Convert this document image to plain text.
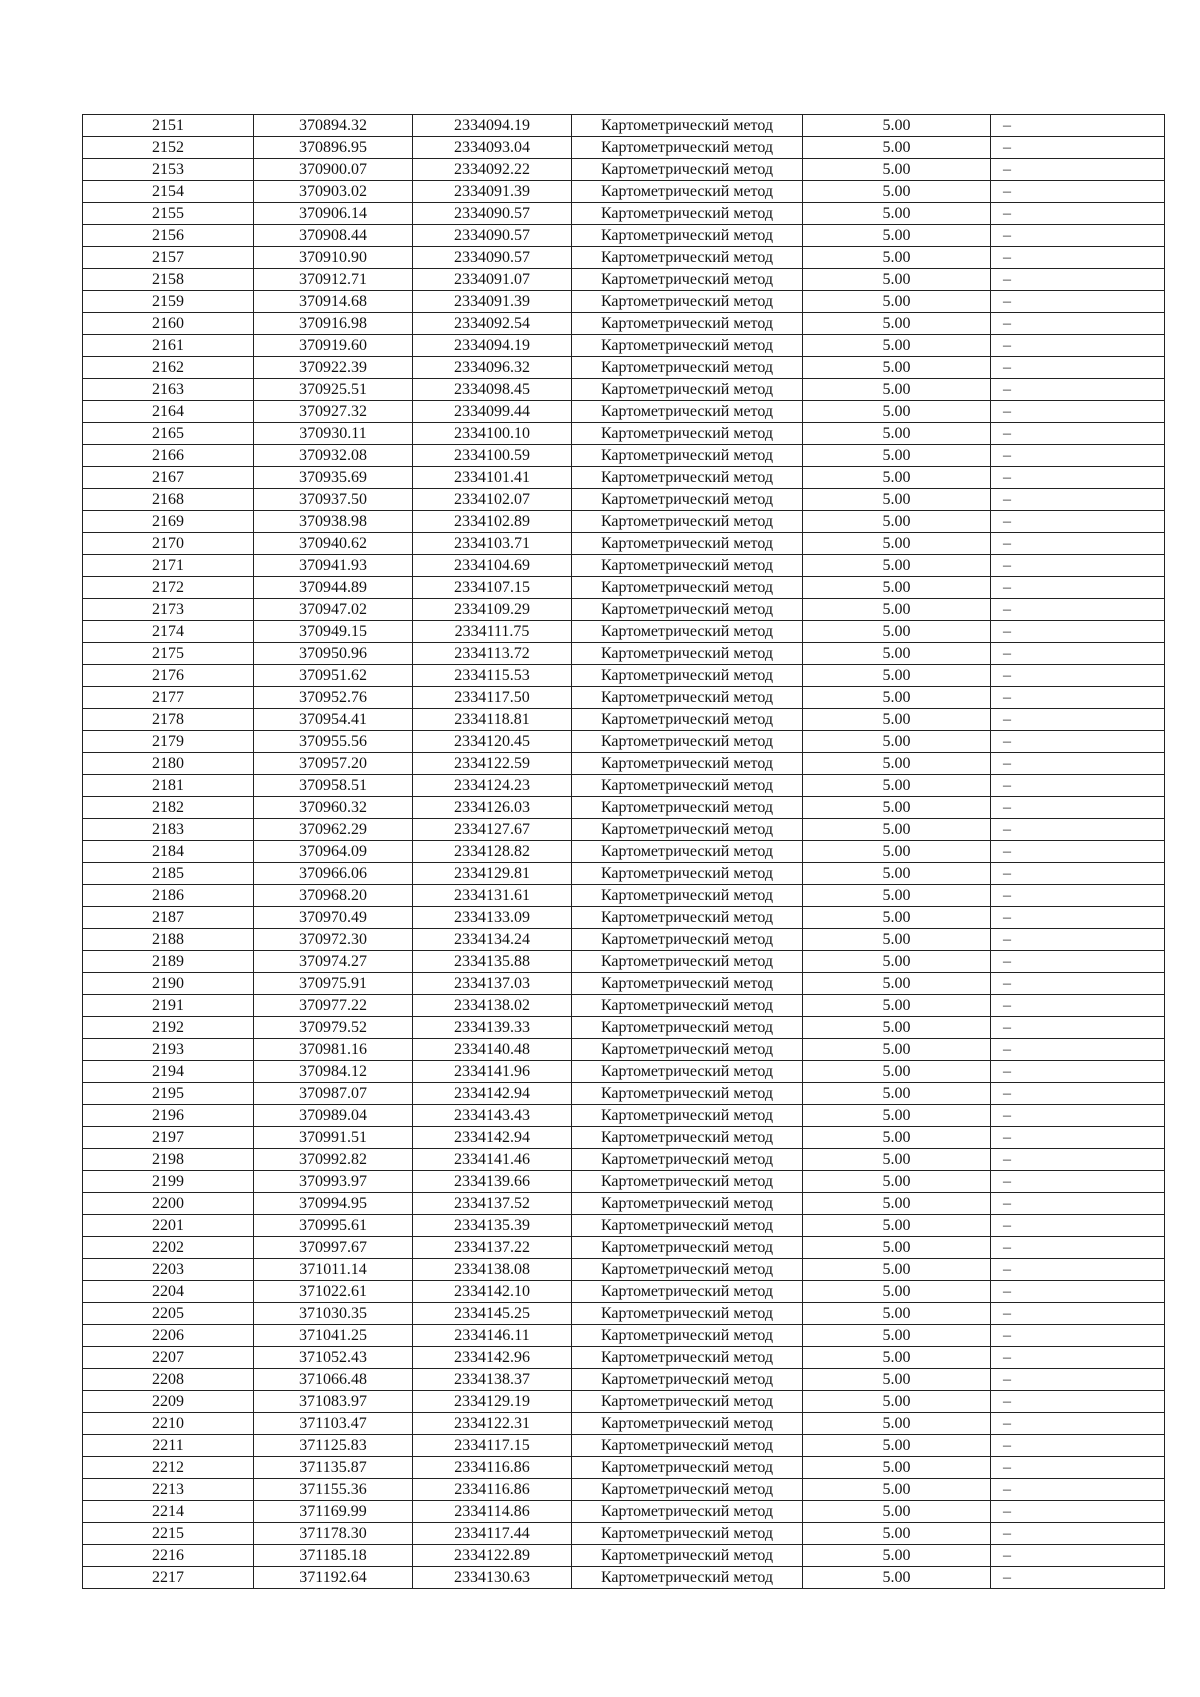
2151	370894.32	2334094.19	Картометрический метод	5.00	–
2152	370896.95	2334093.04	Картометрический метод	5.00	–
2153	370900.07	2334092.22	Картометрический метод	5.00	–
2154	370903.02	2334091.39	Картометрический метод	5.00	–
2155	370906.14	2334090.57	Картометрический метод	5.00	–
2156	370908.44	2334090.57	Картометрический метод	5.00	–
2157	370910.90	2334090.57	Картометрический метод	5.00	–
2158	370912.71	2334091.07	Картометрический метод	5.00	–
2159	370914.68	2334091.39	Картометрический метод	5.00	–
2160	370916.98	2334092.54	Картометрический метод	5.00	–
2161	370919.60	2334094.19	Картометрический метод	5.00	–
2162	370922.39	2334096.32	Картометрический метод	5.00	–
2163	370925.51	2334098.45	Картометрический метод	5.00	–
2164	370927.32	2334099.44	Картометрический метод	5.00	–
2165	370930.11	2334100.10	Картометрический метод	5.00	–
2166	370932.08	2334100.59	Картометрический метод	5.00	–
2167	370935.69	2334101.41	Картометрический метод	5.00	–
2168	370937.50	2334102.07	Картометрический метод	5.00	–
2169	370938.98	2334102.89	Картометрический метод	5.00	–
2170	370940.62	2334103.71	Картометрический метод	5.00	–
2171	370941.93	2334104.69	Картометрический метод	5.00	–
2172	370944.89	2334107.15	Картометрический метод	5.00	–
2173	370947.02	2334109.29	Картометрический метод	5.00	–
2174	370949.15	2334111.75	Картометрический метод	5.00	–
2175	370950.96	2334113.72	Картометрический метод	5.00	–
2176	370951.62	2334115.53	Картометрический метод	5.00	–
2177	370952.76	2334117.50	Картометрический метод	5.00	–
2178	370954.41	2334118.81	Картометрический метод	5.00	–
2179	370955.56	2334120.45	Картометрический метод	5.00	–
2180	370957.20	2334122.59	Картометрический метод	5.00	–
2181	370958.51	2334124.23	Картометрический метод	5.00	–
2182	370960.32	2334126.03	Картометрический метод	5.00	–
2183	370962.29	2334127.67	Картометрический метод	5.00	–
2184	370964.09	2334128.82	Картометрический метод	5.00	–
2185	370966.06	2334129.81	Картометрический метод	5.00	–
2186	370968.20	2334131.61	Картометрический метод	5.00	–
2187	370970.49	2334133.09	Картометрический метод	5.00	–
2188	370972.30	2334134.24	Картометрический метод	5.00	–
2189	370974.27	2334135.88	Картометрический метод	5.00	–
2190	370975.91	2334137.03	Картометрический метод	5.00	–
2191	370977.22	2334138.02	Картометрический метод	5.00	–
2192	370979.52	2334139.33	Картометрический метод	5.00	–
2193	370981.16	2334140.48	Картометрический метод	5.00	–
2194	370984.12	2334141.96	Картометрический метод	5.00	–
2195	370987.07	2334142.94	Картометрический метод	5.00	–
2196	370989.04	2334143.43	Картометрический метод	5.00	–
2197	370991.51	2334142.94	Картометрический метод	5.00	–
2198	370992.82	2334141.46	Картометрический метод	5.00	–
2199	370993.97	2334139.66	Картометрический метод	5.00	–
2200	370994.95	2334137.52	Картометрический метод	5.00	–
2201	370995.61	2334135.39	Картометрический метод	5.00	–
2202	370997.67	2334137.22	Картометрический метод	5.00	–
2203	371011.14	2334138.08	Картометрический метод	5.00	–
2204	371022.61	2334142.10	Картометрический метод	5.00	–
2205	371030.35	2334145.25	Картометрический метод	5.00	–
2206	371041.25	2334146.11	Картометрический метод	5.00	–
2207	371052.43	2334142.96	Картометрический метод	5.00	–
2208	371066.48	2334138.37	Картометрический метод	5.00	–
2209	371083.97	2334129.19	Картометрический метод	5.00	–
2210	371103.47	2334122.31	Картометрический метод	5.00	–
2211	371125.83	2334117.15	Картометрический метод	5.00	–
2212	371135.87	2334116.86	Картометрический метод	5.00	–
2213	371155.36	2334116.86	Картометрический метод	5.00	–
2214	371169.99	2334114.86	Картометрический метод	5.00	–
2215	371178.30	2334117.44	Картометрический метод	5.00	–
2216	371185.18	2334122.89	Картометрический метод	5.00	–
2217	371192.64	2334130.63	Картометрический метод	5.00	–
